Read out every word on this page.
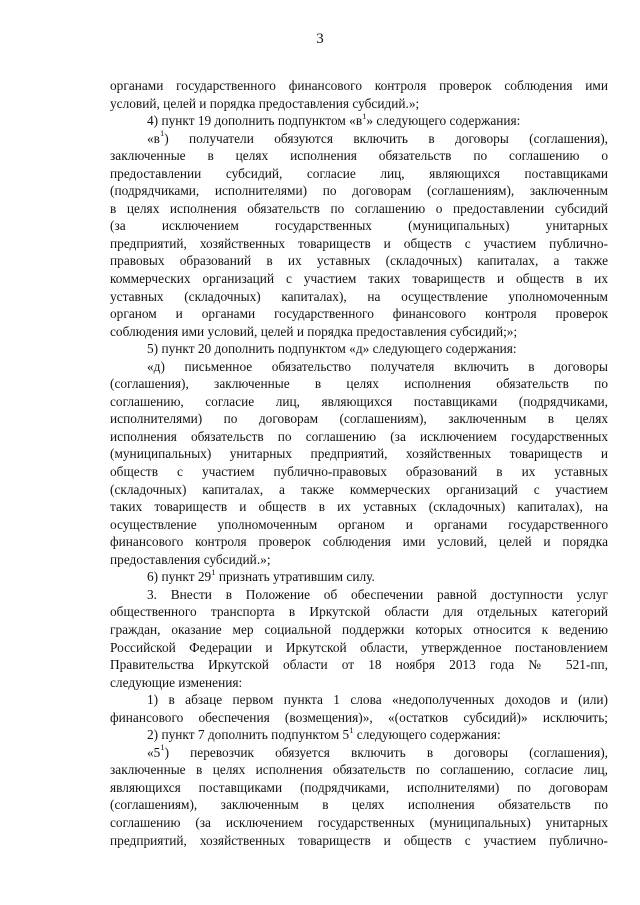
3
органами государственного финансового контроля проверок соблюдения ими
условий, целей и порядка предоставления субсидий.»;
4) пункт 19 дополнить подпунктом «$в^1$» следующего содержания:
«$в^1$) получатели обязуются включить в договоры (соглашения),
заключенные в целях исполнения обязательств по соглашению о
предоставлении субсидий, согласие лиц, являющихся поставщиками
(подрядчиками, исполнителями) по договорам (соглашениям), заключенным
в целях исполнения обязательств по соглашению о предоставлении субсидий
(за исключением государственных (муниципальных) унитарных
предприятий, хозяйственных товариществ и обществ с участием публично-
правовых образований в их уставных (складочных) капиталах, а также
коммерческих организаций с участием таких товариществ и обществ в их
уставных (складочных) капиталах), на осуществление уполномоченным
органом и органами государственного финансового контроля проверок
соблюдения ими условий, целей и порядка предоставления субсидий;»;
5) пункт 20 дополнить подпунктом «д» следующего содержания:
«д) письменное обязательство получателя включить в договоры
(соглашения), заключенные в целях исполнения обязательств по
соглашению, согласие лиц, являющихся поставщиками (подрядчиками,
исполнителями) по договорам (соглашениям), заключенным в целях
исполнения обязательств по соглашению (за исключением государственных
(муниципальных) унитарных предприятий, хозяйственных товариществ и
обществ с участием публично-правовых образований в их уставных
(складочных) капиталах, а также коммерческих организаций с участием
таких товариществ и обществ в их уставных (складочных) капиталах), на
осуществление уполномоченным органом и органами государственного
финансового контроля проверок соблюдения ими условий, целей и порядка
предоставления субсидий.»;
6) пункт $29^1$ признать утратившим силу.
3. Внести в Положение об обеспечении равной доступности услуг
общественного транспорта в Иркутской области для отдельных категорий
граждан, оказание мер социальной поддержки которых относится к ведению
Российской Федерации и Иркутской области, утвержденное постановлением
Правительства Иркутской области от 18 ноября 2013 года № 521-пп,
следующие изменения:
1) в абзаце первом пункта 1 слова «недополученных доходов и (или)
финансового обеспечения (возмещения)», «(остатков субсидий)» исключить;
2) пункт 7 дополнить подпунктом $5^1$ следующего содержания:
«$5^1$) перевозчик обязуется включить в договоры (соглашения),
заключенные в целях исполнения обязательств по соглашению, согласие лиц,
являющихся поставщиками (подрядчиками, исполнителями) по договорам
(соглашениям), заключенным в целях исполнения обязательств по
соглашению (за исключением государственных (муниципальных) унитарных
предприятий, хозяйственных товариществ и обществ с участием публично-
